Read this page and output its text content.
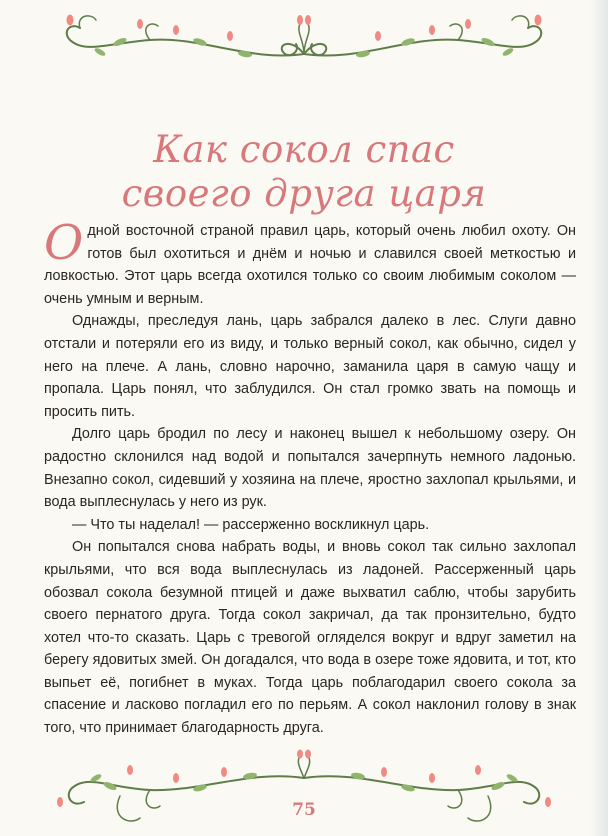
Как сокол спас
своего друга царя

Одной восточной страной правил царь, который очень любил охоту. Он готов был охотиться и днём и ночью и славился своей меткостью и ловкостью. Этот царь всегда охотился только со своим любимым соколом — очень умным и верным.

Однажды, преследуя лань, царь забрался далеко в лес. Слуги давно отстали и потеряли его из виду, и только верный сокол, как обычно, сидел у него на плече. А лань, словно нарочно, заманила царя в самую чащу и пропала. Царь понял, что заблудился. Он стал громко звать на помощь и просить пить.

Долго царь бродил по лесу и наконец вышел к небольшому озеру. Он радостно склонился над водой и попытался зачерпнуть немного ладонью. Внезапно сокол, сидевший у хозяина на плече, яростно захлопал крыльями, и вода выплеснулась у него из рук.

— Что ты наделал! — рассерженно воскликнул царь.

Он попытался снова набрать воды, и вновь сокол так сильно захлопал крыльями, что вся вода выплеснулась из ладоней. Рассерженный царь обозвал сокола безумной птицей и даже выхватил саблю, чтобы зарубить своего пернатого друга. Тогда сокол закричал, да так пронзительно, будто хотел что-то сказать. Царь с тревогой огляделся вокруг и вдруг заметил на берегу ядовитых змей. Он догадался, что вода в озере тоже ядовита, и тот, кто выпьет её, погибнет в муках. Тогда царь поблагодарил своего сокола за спасение и ласково погладил его по перьям. А сокол наклонил голову в знак того, что принимает благодарность друга.

75
